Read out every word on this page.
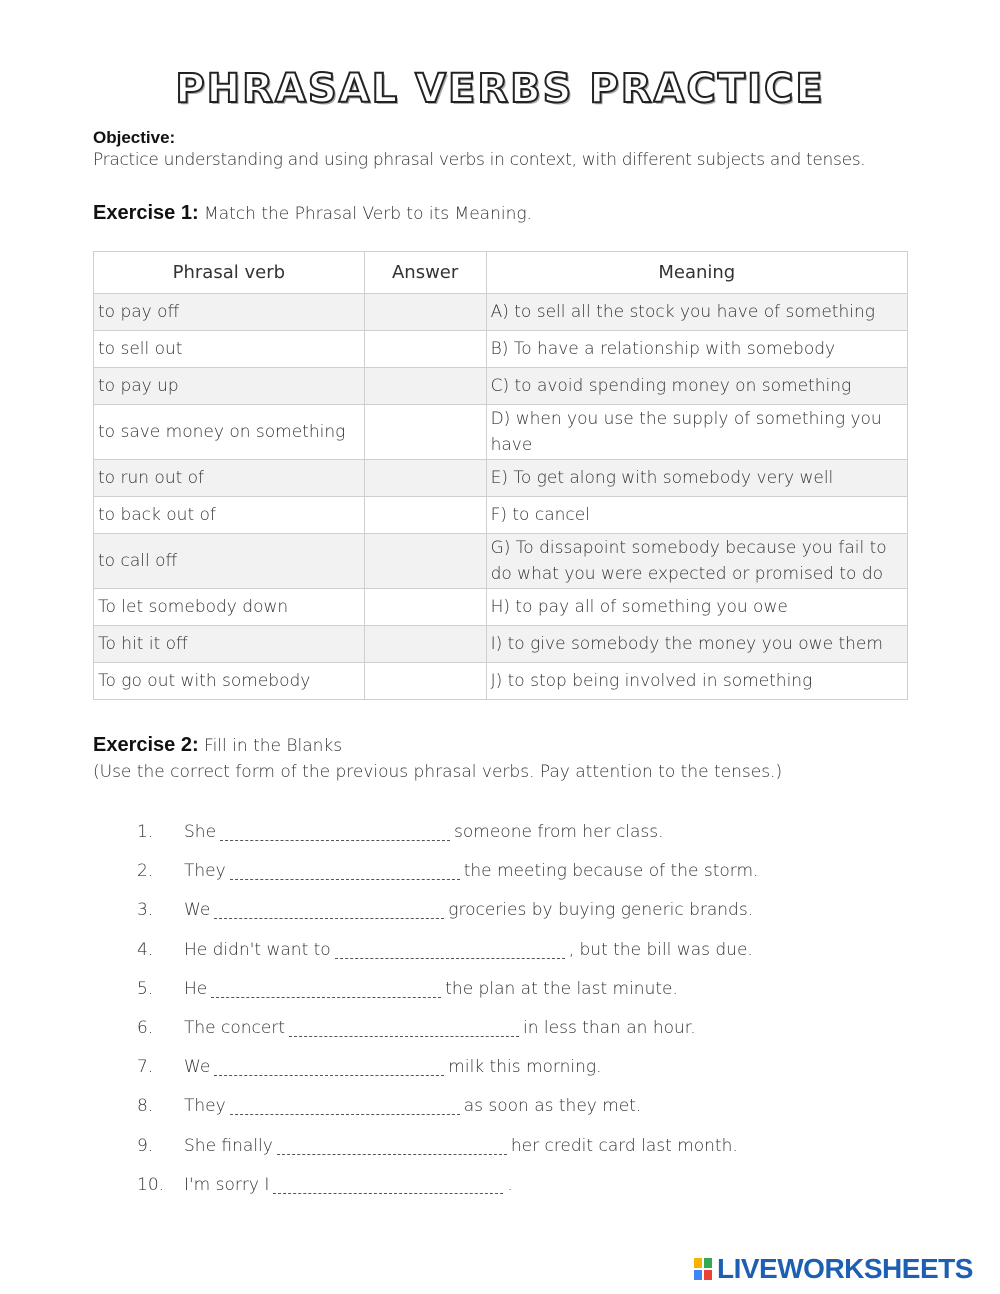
PHRASAL VERBS PRACTICE
Objective:
Practice understanding and using phrasal verbs in context, with different subjects and tenses.
Exercise 1: Match the Phrasal Verb to its Meaning.
Phrasal verb	Answer	Meaning
to pay off		A) to sell all the stock you have of something
to sell out		B) To have a relationship with somebody
to pay up		C) to avoid spending money on something
to save money on something		D) when you use the supply of something you have
to run out of		E) To get along with somebody very well
to back out of		F) to cancel
to call off		G) To dissapoint somebody because you fail to do what you were expected or promised to do
To let somebody down		H) to pay all of something you owe
To hit it off		I) to give somebody the money you owe them
To go out with somebody		J) to stop being involved in something
Exercise 2: Fill in the Blanks
(Use the correct form of the previous phrasal verbs. Pay attention to the tenses.)
1.	She	someone from her class.
2.	They	the meeting because of the storm.
3.	We	groceries by buying generic brands.
4.	He didn't want to	, but the bill was due.
5.	He	the plan at the last minute.
6.	The concert	in less than an hour.
7.	We	milk this morning.
8.	They	as soon as they met.
9.	She finally	her credit card last month.
10.	I'm sorry I	.
LIVEWORKSHEETS
